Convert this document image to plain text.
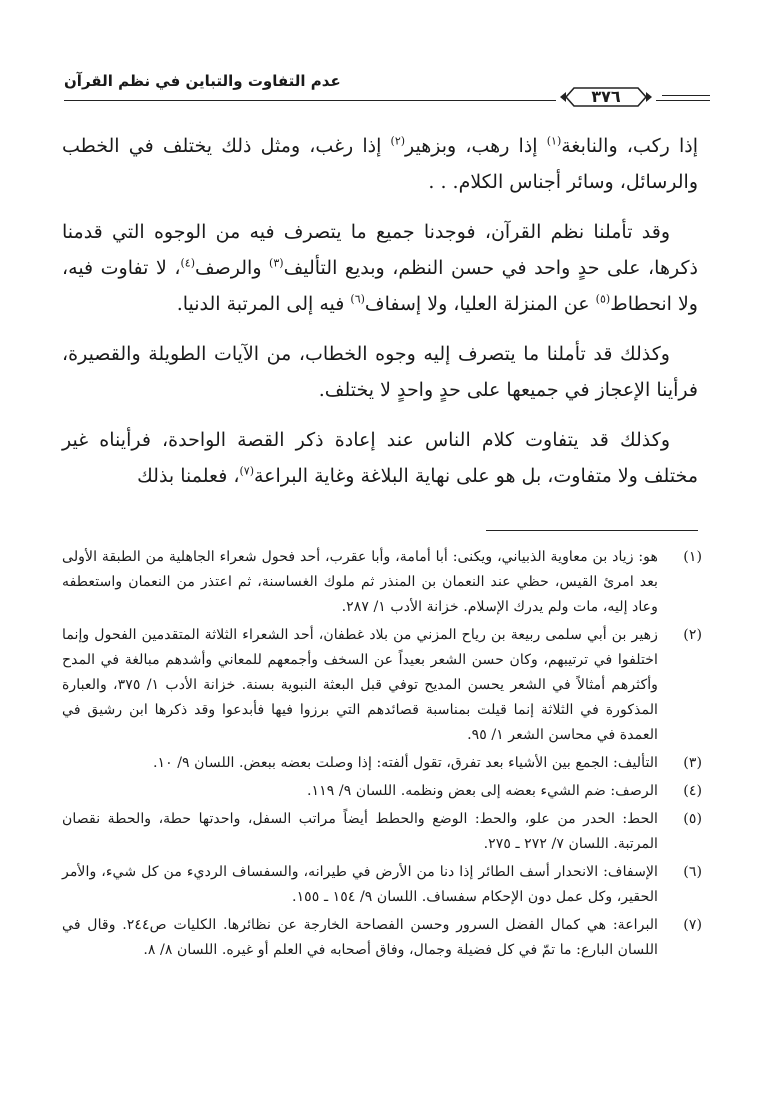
عدم التفاوت والتباين في نظم القرآن
٣٧٦

إذا ركب، والنابغة$^{(١)}$ إذا رهب، وبزهير$^{(٢)}$ إذا رغب، ومثل ذلك يختلف في الخطب والرسائل، وسائر أجناس الكلام. . .

وقد تأملنا نظم القرآن، فوجدنا جميع ما يتصرف فيه من الوجوه التي قدمنا ذكرها، على حدٍ واحد في حسن النظم، وبديع التأليف$^{(٣)}$ والرصف$^{(٤)}$، لا تفاوت فيه، ولا انحطاط$^{(٥)}$ عن المنزلة العليا، ولا إسفاف$^{(٦)}$ فيه إلى المرتبة الدنيا.

وكذلك قد تأملنا ما يتصرف إليه وجوه الخطاب، من الآيات الطويلة والقصيرة، فرأينا الإعجاز في جميعها على حدٍ واحدٍ لا يختلف.

وكذلك قد يتفاوت كلام الناس عند إعادة ذكر القصة الواحدة، فرأيناه غير مختلف ولا متفاوت، بل هو على نهاية البلاغة وغاية البراعة$^{(٧)}$، فعلمنا بذلك

(١)
هو: زياد بن معاوية الذبياني، ويكنى: أبا أمامة، وأبا عقرب، أحد فحول شعراء الجاهلية من الطبقة الأولى بعد امرئ القيس، حظي عند النعمان بن المنذر ثم ملوك الغساسنة، ثم اعتذر من النعمان واستعطفه وعاد إليه، مات ولم يدرك الإسلام. خزانة الأدب ١/ ٢٨٧.
(٢)
زهير بن أبي سلمى ربيعة بن رياح المزني من بلاد غطفان، أحد الشعراء الثلاثة المتقدمين الفحول وإنما اختلفوا في ترتيبهم، وكان حسن الشعر بعيداً عن السخف وأجمعهم للمعاني وأشدهم مبالغة في المدح وأكثرهم أمثالاً في الشعر يحسن المديح توفي قبل البعثة النبوية بسنة. خزانة الأدب ١/ ٣٧٥، والعبارة المذكورة في الثلاثة إنما قيلت بمناسبة قصائدهم التي برزوا فيها فأبدعوا وقد ذكرها ابن رشيق في العمدة في محاسن الشعر ١/ ٩٥.
(٣)
التأليف: الجمع بين الأشياء بعد تفرق، تقول ألفته: إذا وصلت بعضه ببعض. اللسان ٩/ ١٠.
(٤)
الرصف: ضم الشيء بعضه إلى بعض ونظمه. اللسان ٩/ ١١٩.
(٥)
الحط: الحدر من علو، والحط: الوضع والحطط أيضاً مراتب السفل، واحدتها حطة، والحطة نقصان المرتبة. اللسان ٧/ ٢٧٢ ـ ٢٧٥.
(٦)
الإسفاف: الانحدار أسف الطائر إذا دنا من الأرض في طيرانه، والسفساف الرديء من كل شيء، والأمر الحقير، وكل عمل دون الإحكام سفساف. اللسان ٩/ ١٥٤ ـ ١٥٥.
(٧)
البراعة: هي كمال الفضل السرور وحسن الفصاحة الخارجة عن نظائرها. الكليات ص٢٤٤. وقال في اللسان البارع: ما تمّ في كل فضيلة وجمال، وفاق أصحابه في العلم أو غيره. اللسان ٨/ ٨.
